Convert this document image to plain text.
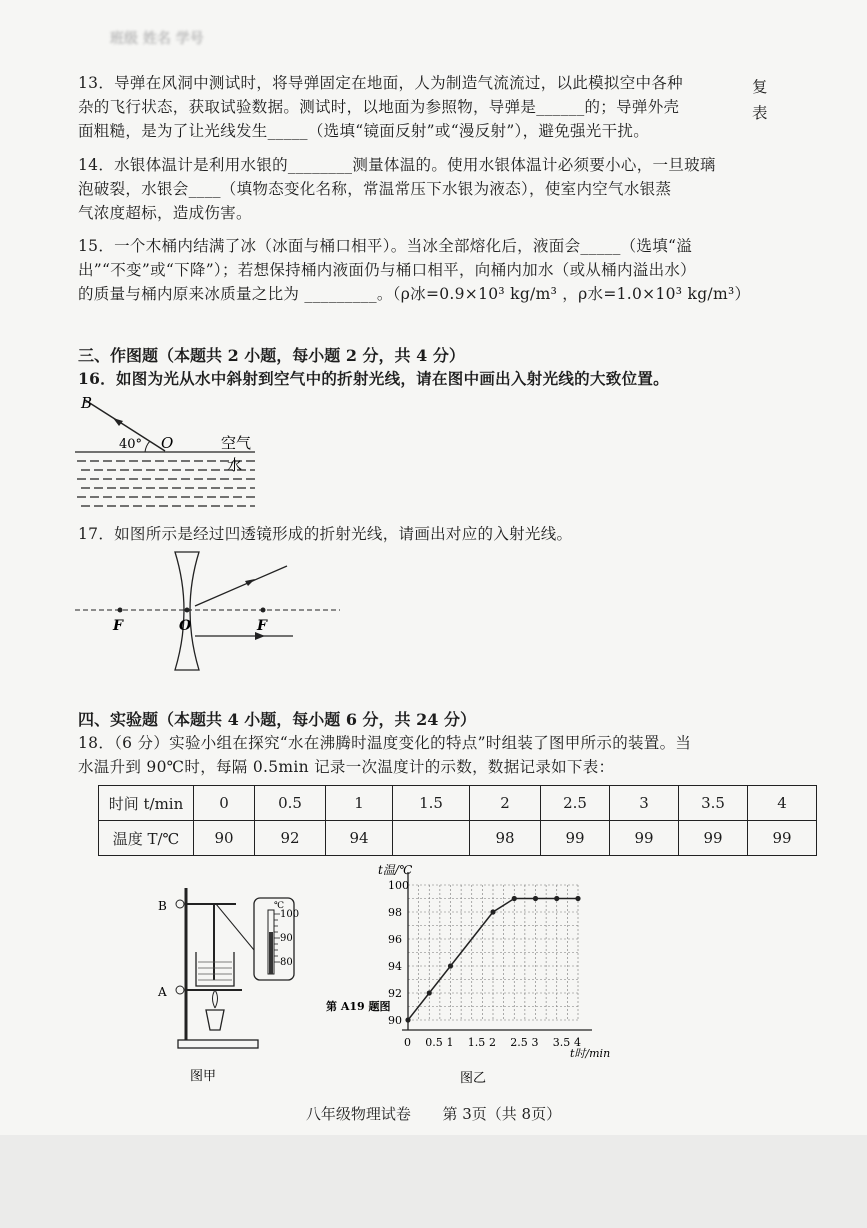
班级 姓名 学号
13．导弹在风洞中测试时，将导弹固定在地面，人为制造气流流过，以此模拟空中各种
杂的飞行状态，获取试验数据。测试时，以地面为参照物，导弹是______的；导弹外壳
面粗糙，是为了让光线发生_____（选填“镜面反射”或“漫反射”），避免强光干扰。
复
表
14．水银体温计是利用水银的________测量体温的。使用水银体温计必须要小心，一旦玻璃
泡破裂，水银会____（填物态变化名称，常温常压下水银为液态），使室内空气水银蒸
气浓度超标，造成伤害。
15．一个木桶内结满了冰（冰面与桶口相平）。当冰全部熔化后，液面会_____（选填“溢
出”“不变”或“下降”）；若想保持桶内液面仍与桶口相平，向桶内加水（或从桶内溢出水）
的质量与桶内原来冰质量之比为 _________。（ρ冰=0.9×10³ kg/m³ ，ρ水=1.0×10³ kg/m³）
三、作图题（本题共 2 小题，每小题 2 分，共 4 分）
16．如图为光从水中斜射到空气中的折射光线，请在图中画出入射光线的大致位置。
B
40° O	空气
水
17．如图所示是经过凹透镜形成的折射光线，请画出对应的入射光线。
F	O	F
四、实验题（本题共 4 小题，每小题 6 分，共 24 分）
18．（6 分）实验小组在探究“水在沸腾时温度变化的特点”时组装了图甲所示的装置。当
水温升到 90℃时，每隔 0.5min 记录一次温度计的示数，数据记录如下表：
时间 t/min	0	0.5	1	1.5	2	2.5	3	3.5	4
温度 T/℃	90	92	94		98	99	99	99	99
℃
100
90
80
B
A
图甲
100
98
96
94
92
90
0 0.5 1 1.5 2 2.5 3 3.5 4
t温/℃
t时/min
第 A19 题图
图乙
八年级物理试卷 第 3页（共 8页）
